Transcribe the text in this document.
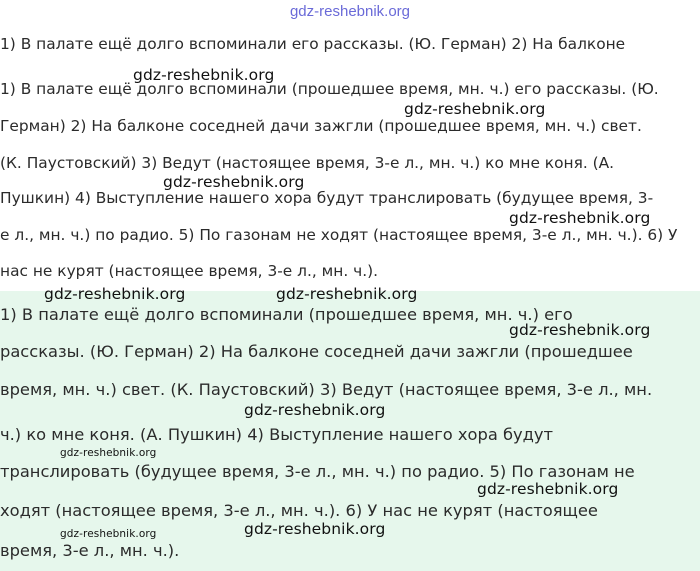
gdz-reshebnik.org
1) В палате ещё долго вспоминали его рассказы. (Ю. Герман) 2) На балконе
1) В палате ещё долго вспоминали (прошедшее время, мн. ч.) его рассказы. (Ю.
Герман) 2) На балконе соседней дачи зажгли (прошедшее время, мн. ч.) свет.
(К. Паустовский) 3) Ведут (настоящее время, 3-е л., мн. ч.) ко мне коня. (А.
Пушкин) 4) Выступление нашего хора будут транслировать (будущее время, 3-
е л., мн. ч.) по радио. 5) По газонам не ходят (настоящее время, 3-е л., мн. ч.). 6) У
нас не курят (настоящее время, 3-е л., мн. ч.).
1) В палате ещё долго вспоминали (прошедшее время, мн. ч.) его
рассказы. (Ю. Герман) 2) На балконе соседней дачи зажгли (прошедшее
время, мн. ч.) свет. (К. Паустовский) 3) Ведут (настоящее время, 3-е л., мн.
ч.) ко мне коня. (А. Пушкин) 4) Выступление нашего хора будут
транслировать (будущее время, 3-е л., мн. ч.) по радио. 5) По газонам не
ходят (настоящее время, 3-е л., мн. ч.). 6) У нас не курят (настоящее
время, 3-е л., мн. ч.).
gdz-reshebnik.org
gdz-reshebnik.org
gdz-reshebnik.org
gdz-reshebnik.org
gdz-reshebnik.org	gdz-reshebnik.org
gdz-reshebnik.org
gdz-reshebnik.org
gdz-reshebnik.org
gdz-reshebnik.org
gdz-reshebnik.org	gdz-reshebnik.org
